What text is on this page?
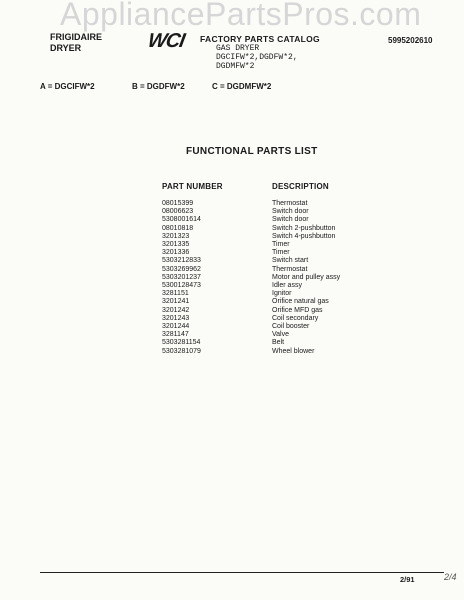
AppliancePartsPros.com
FRIGIDAIRE
DRYER	WCI FACTORY PARTS CATALOG
GAS DRYER
DGCIFW*2,DGDFW*2,
DGDMFW*2
5995202610
A = DGCIFW*2	B = DGDFW*2	C = DGDMFW*2
FUNCTIONAL PARTS LIST
PART NUMBER	DESCRIPTION
08015399	Thermostat
08006623	Switch door
5308001614	Switch door
08010818	Switch 2-pushbutton
3201323	Switch 4-pushbutton
3201335	Timer
3201336	Timer
5303212833	Switch start
5303269962	Thermostat
5303201237	Motor and pulley assy
5300128473	Idler assy
3281151	Ignitor
3201241	Orifice natural gas
3201242	Orifice MFD gas
3201243	Coil secondary
3201244	Coil booster
3281147	Valve
5303281154	Belt
5303281079	Wheel blower
2/91	2/4
